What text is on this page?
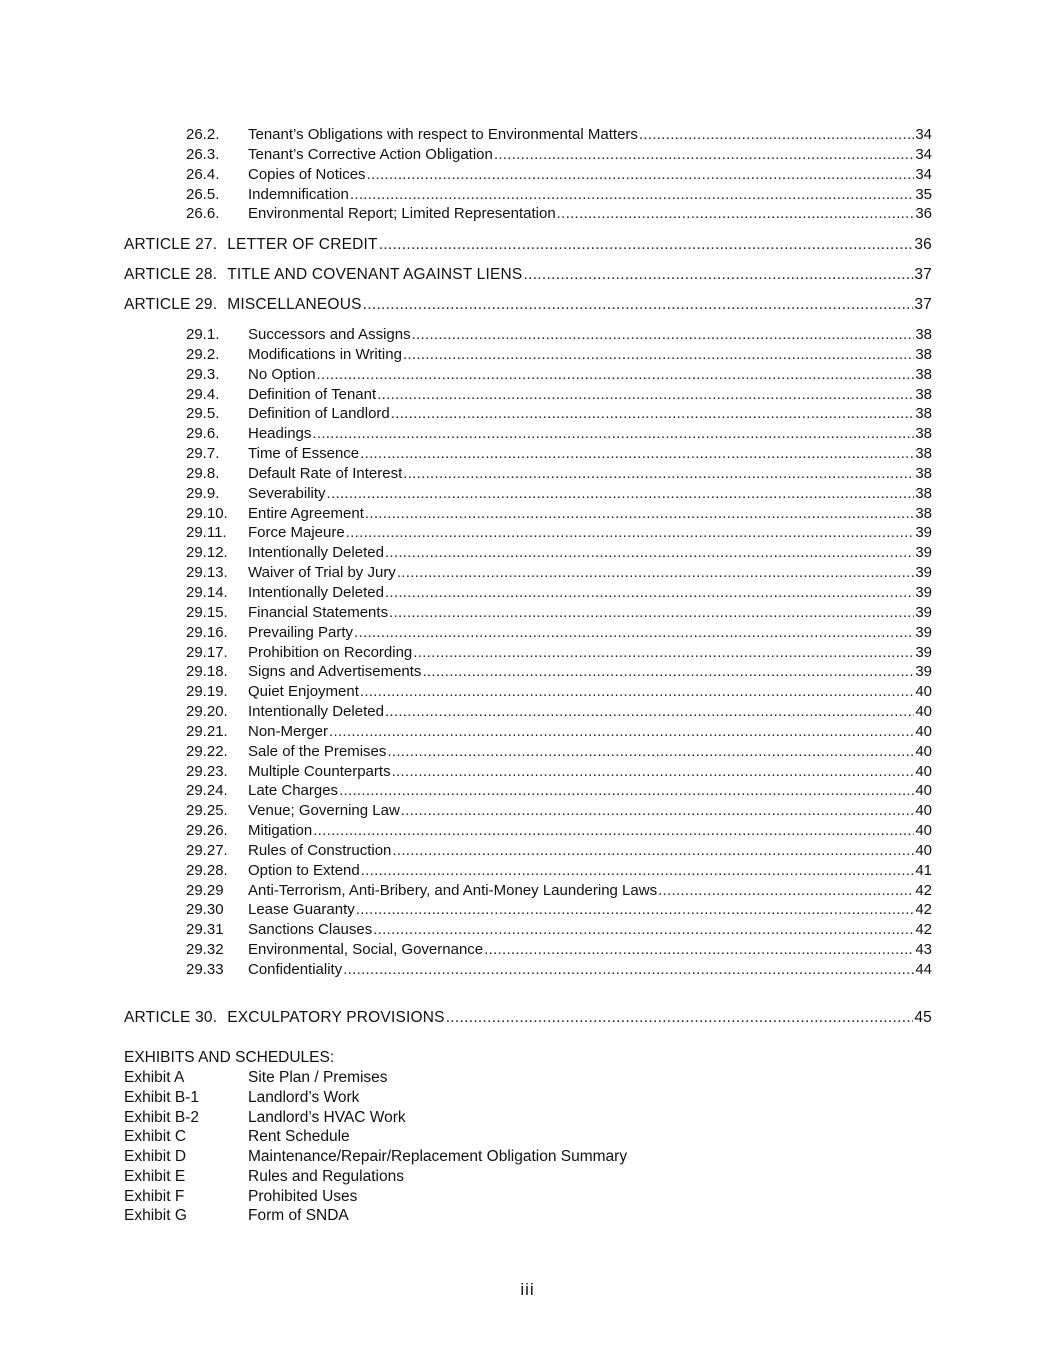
26.2.	Tenant’s Obligations with respect to Environmental Matters .....	34
26.3.	Tenant’s Corrective Action Obligation .....	34
26.4.	Copies of Notices .....	34
26.5.	Indemnification .....	35
26.6.	Environmental Report; Limited Representation .....	36
ARTICLE 27. LETTER OF CREDIT .....	36
ARTICLE 28. TITLE AND COVENANT AGAINST LIENS .....	37
ARTICLE 29. MISCELLANEOUS .....	37
29.1.	Successors and Assigns .....	38
29.2.	Modifications in Writing .....	38
29.3.	No Option .....	38
29.4.	Definition of Tenant .....	38
29.5.	Definition of Landlord .....	38
29.6.	Headings .....	38
29.7.	Time of Essence .....	38
29.8.	Default Rate of Interest .....	38
29.9.	Severability .....	38
29.10.	Entire Agreement .....	38
29.11.	Force Majeure .....	39
29.12.	Intentionally Deleted .....	39
29.13.	Waiver of Trial by Jury .....	39
29.14.	Intentionally Deleted .....	39
29.15.	Financial Statements .....	39
29.16.	Prevailing Party .....	39
29.17.	Prohibition on Recording .....	39
29.18.	Signs and Advertisements .....	39
29.19.	Quiet Enjoyment .....	40
29.20.	Intentionally Deleted .....	40
29.21.	Non-Merger .....	40
29.22.	Sale of the Premises .....	40
29.23.	Multiple Counterparts .....	40
29.24.	Late Charges .....	40
29.25.	Venue; Governing Law .....	40
29.26.	Mitigation .....	40
29.27.	Rules of Construction .....	40
29.28.	Option to Extend .....	41
29.29	Anti-Terrorism, Anti-Bribery, and Anti-Money Laundering Laws .....	42
29.30	Lease Guaranty .....	42
29.31	Sanctions Clauses .....	42
29.32	Environmental, Social, Governance .....	43
29.33	Confidentiality .....	44
ARTICLE 30. EXCULPATORY PROVISIONS .....	45
EXHIBITS AND SCHEDULES:
Exhibit A	Site Plan / Premises
Exhibit B-1	Landlord’s Work
Exhibit B-2	Landlord’s HVAC Work
Exhibit C	Rent Schedule
Exhibit D	Maintenance/Repair/Replacement Obligation Summary
Exhibit E	Rules and Regulations
Exhibit F	Prohibited Uses
Exhibit G	Form of SNDA
iii
